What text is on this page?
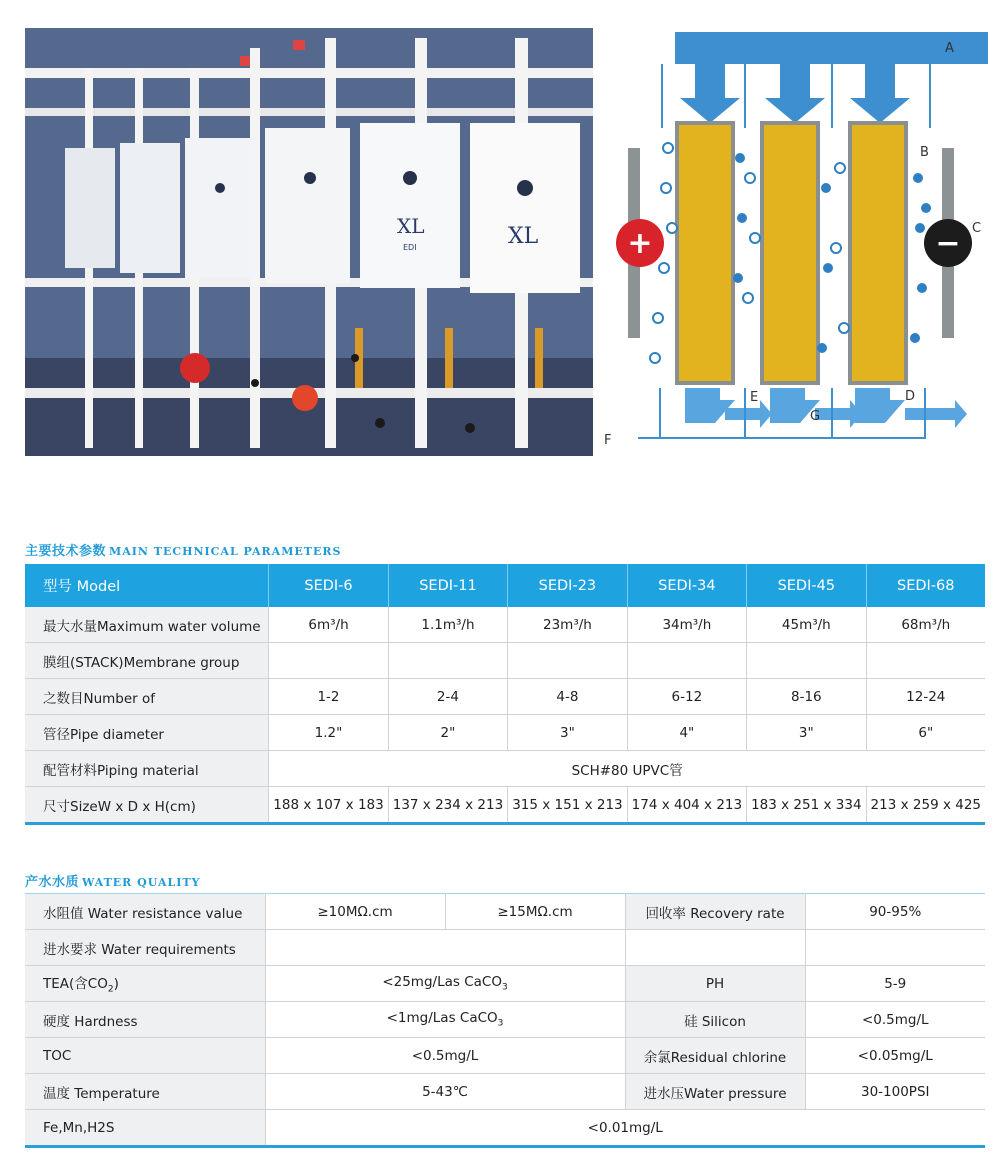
XL	XL
EDI	+	−
A
B
C
D
E
F
G
主要技术参数 MAIN TECHNICAL PARAMETERS
型号 Model	SEDI-6	SEDI-11	SEDI-23	SEDI-34	SEDI-45	SEDI-68
最大水量Maximum water volume	6m³/h	1.1m³/h	23m³/h	34m³/h	45m³/h	68m³/h
膜组(STACK)Membrane group						
之数目Number of	1-2	2-4	4-8	6-12	8-16	12-24
管径Pipe diameter	1.2"	2"	3"	4"	3"	6"
配管材料Piping material	SCH#80 UPVC管					
尺寸SizeW x D x H(cm)	188 x 107 x 183	137 x 234 x 213	315 x 151 x 213	174 x 404 x 213	183 x 251 x 334	213 x 259 x 425
产水水质 WATER QUALITY
水阻值 Water resistance value	≥10MΩ.cm	≥15MΩ.cm	回收率 Recovery rate	90-95%
进水要求 Water requirements				
TEA(含$CO_2$)	<25mg/Las CaCO$_3$		PH	5-9
硬度 Hardness	<1mg/Las CaCO$_3$		硅 Silicon	<0.5mg/L
TOC	<0.5mg/L		余氯Residual chlorine	<0.05mg/L
温度 Temperature	5-43℃		进水压Water pressure	30-100PSI
Fe,Mn,H2S	<0.01mg/L			
